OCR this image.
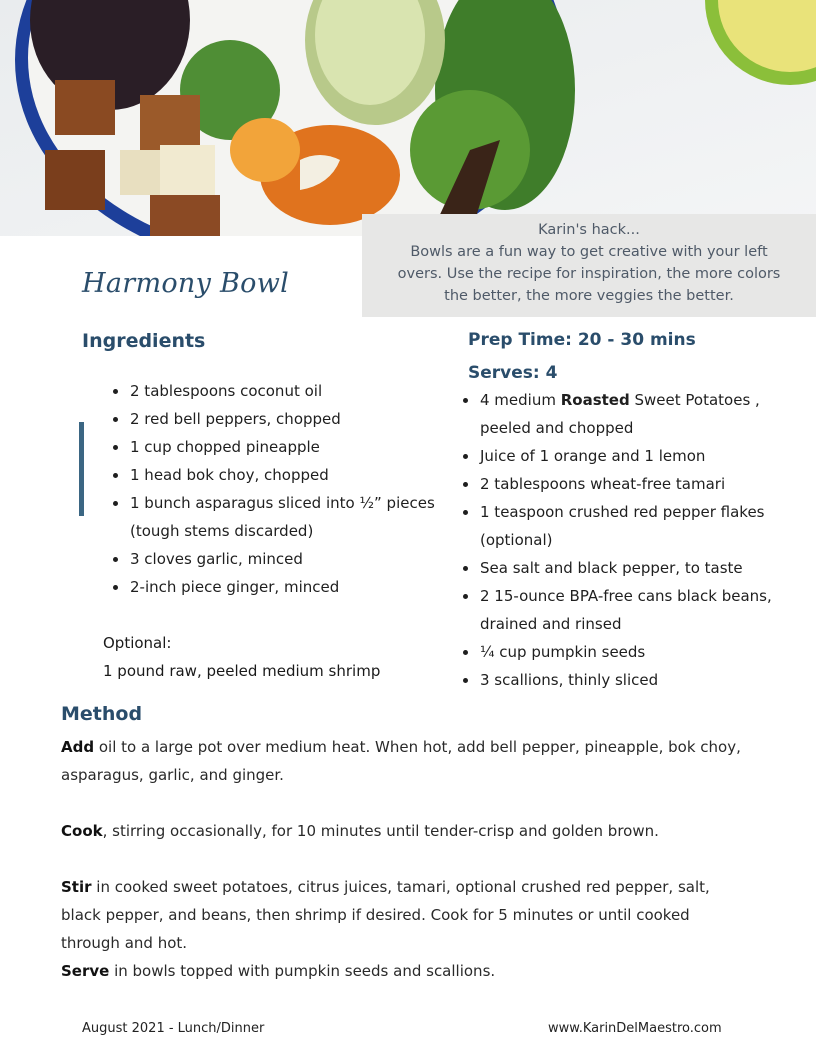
Karin's hack...
Bowls are a fun way to get creative with your left
overs. Use the recipe for inspiration, the more colors
the better, the more veggies the better.
Harmony Bowl
Ingredients
2 tablespoons coconut oil
2 red bell peppers, chopped
1 cup chopped pineapple
1 head bok choy, chopped
1 bunch asparagus sliced into ½” pieces
(tough stems discarded)
3 cloves garlic, minced
2-inch piece ginger, minced
Optional:
1 pound raw, peeled medium shrimp
Prep Time: 20 - 30 mins
Serves: 4
4 medium Roasted Sweet Potatoes ,
peeled and chopped
Juice of 1 orange and 1 lemon
2 tablespoons wheat-free tamari
1 teaspoon crushed red pepper flakes
(optional)
Sea salt and black pepper, to taste
2 15-ounce BPA-free cans black beans,
drained and rinsed
¼ cup pumpkin seeds
3 scallions, thinly sliced
Method

Add oil to a large pot over medium heat. When hot, add bell pepper, pineapple, bok choy,
asparagus, garlic, and ginger.

Cook, stirring occasionally, for 10 minutes until tender-crisp and golden brown.

Stir in cooked sweet potatoes, citrus juices, tamari, optional crushed red pepper, salt,
black pepper, and beans, then shrimp if desired. Cook for 5 minutes or until cooked
through and hot.

Serve in bowls topped with pumpkin seeds and scallions.

August 2021 - Lunch/Dinner	www.KarinDelMaestro.com
